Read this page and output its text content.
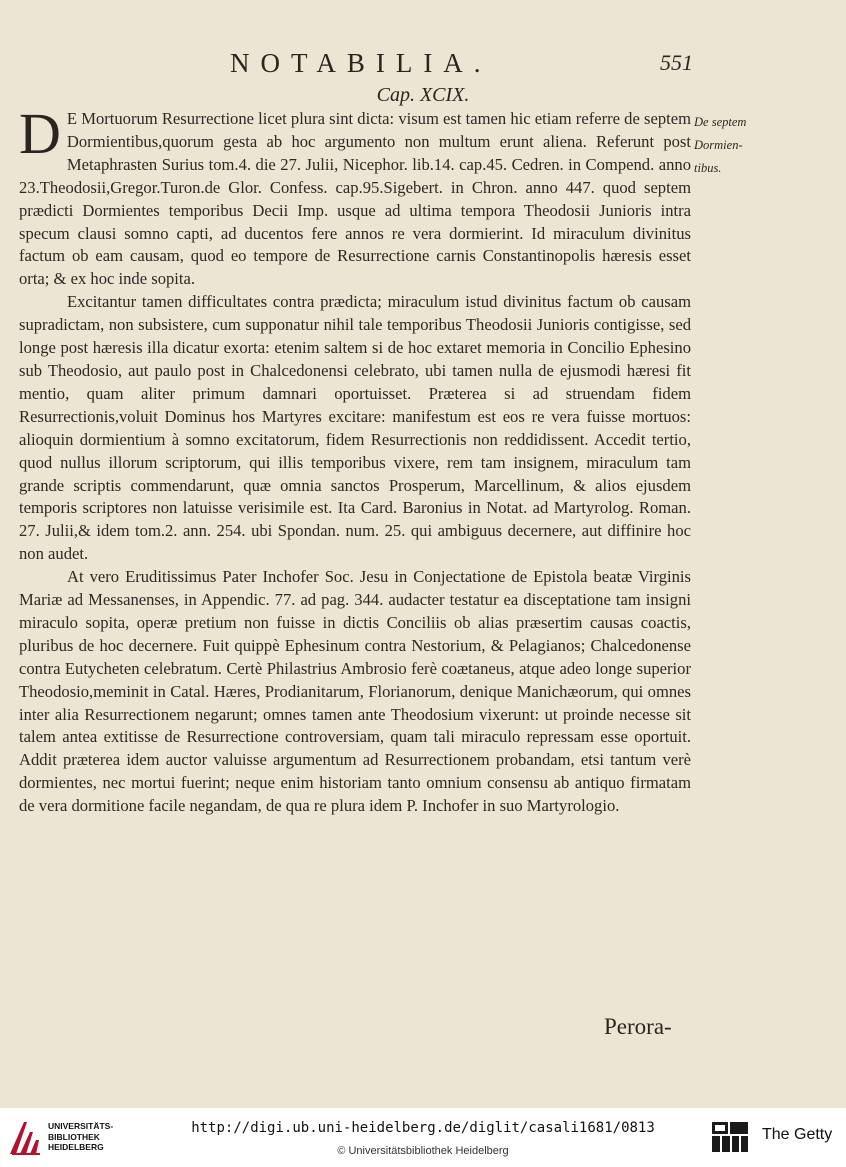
NOTABILIA.	551
Cap. XCIX.

D E Mortuorum Resurrectione licet plura sint dicta: visum est tamen hic etiam referre de septem Dormientibus,quorum gesta ab hoc argumento non multum erunt aliena. Referunt post Metaphrasten Surius tom.4. die 27. Julii, Nicephor. lib.14. cap.45. Cedren. in Compend. anno 23.Theodosii,Gregor.Turon.de Glor. Confess. cap.95.Sigebert. in Chron. anno 447. quod septem prædicti Dormientes temporibus Decii Imp. usque ad ultima tempora Theodosii Junioris intra specum clausi somno capti, ad ducentos fere annos re vera dormierint. Id miraculum divinitus factum ob eam causam, quod eo tempore de Resurrectione carnis Constantinopolis hæresis esset orta; & ex hoc inde sopita.

Excitantur tamen difficultates contra prædicta; miraculum istud divinitus factum ob causam supradictam, non subsistere, cum supponatur nihil tale temporibus Theodosii Junioris contigisse, sed longe post hæresis illa dicatur exorta: etenim saltem si de hoc extaret memoria in Concilio Ephesino sub Theodosio, aut paulo post in Chalcedonensi celebrato, ubi tamen nulla de ejusmodi hæresi fit mentio, quam aliter primum damnari oportuisset. Præterea si ad struendam fidem Resurrectionis,voluit Dominus hos Martyres excitare: manifestum est eos re vera fuisse mortuos: alioquin dormientium à somno excitatorum, fidem Resurrectionis non reddidissent. Accedit tertio, quod nullus illorum scriptorum, qui illis temporibus vixere, rem tam insignem, miraculum tam grande scriptis commendarunt, quæ omnia sanctos Prosperum, Marcellinum, & alios ejusdem temporis scriptores non latuisse verisimile est. Ita Card. Baronius in Notat. ad Martyrolog. Roman. 27. Julii,& idem tom.2. ann. 254. ubi Spondan. num. 25. qui ambiguus decernere, aut diffinire hoc non audet.

At vero Eruditissimus Pater Inchofer Soc. Jesu in Conjectatione de Epistola beatæ Virginis Mariæ ad Messanenses, in Appendic. 77. ad pag. 344. audacter testatur ea disceptatione tam insigni miraculo sopita, operæ pretium non fuisse in dictis Conciliis ob alias præsertim causas coactis, pluribus de hoc decernere. Fuit quippè Ephesinum contra Nestorium, & Pelagianos; Chalcedonense contra Eutycheten celebratum. Certè Philastrius Ambrosio ferè coætaneus, atque adeo longe superior Theodosio,meminit in Catal. Hæres, Prodianitarum, Florianorum, denique Manichæorum, qui omnes inter alia Resurrectionem negarunt; omnes tamen ante Theodosium vixerunt: ut proinde necesse sit talem antea extitisse de Resurrectione controversiam, quam tali miraculo repressam esse oportuit. Addit præterea idem auctor valuisse argumentum ad Resurrectionem probandam, etsi tantum verè dormientes, nec mortui fuerint; neque enim historiam tanto omnium consensu ab antiquo firmatam de vera dormitione facile negandam, de qua re plura idem P. Inchofer in suo Martyrologio.

De septem
Dormien-
tibus.
Perora-
UNIVERSITÄTS-
BIBLIOTHEK
HEIDELBERG
http://digi.ub.uni-heidelberg.de/diglit/casali1681/0813
© Universitätsbibliothek Heidelberg
The Getty
